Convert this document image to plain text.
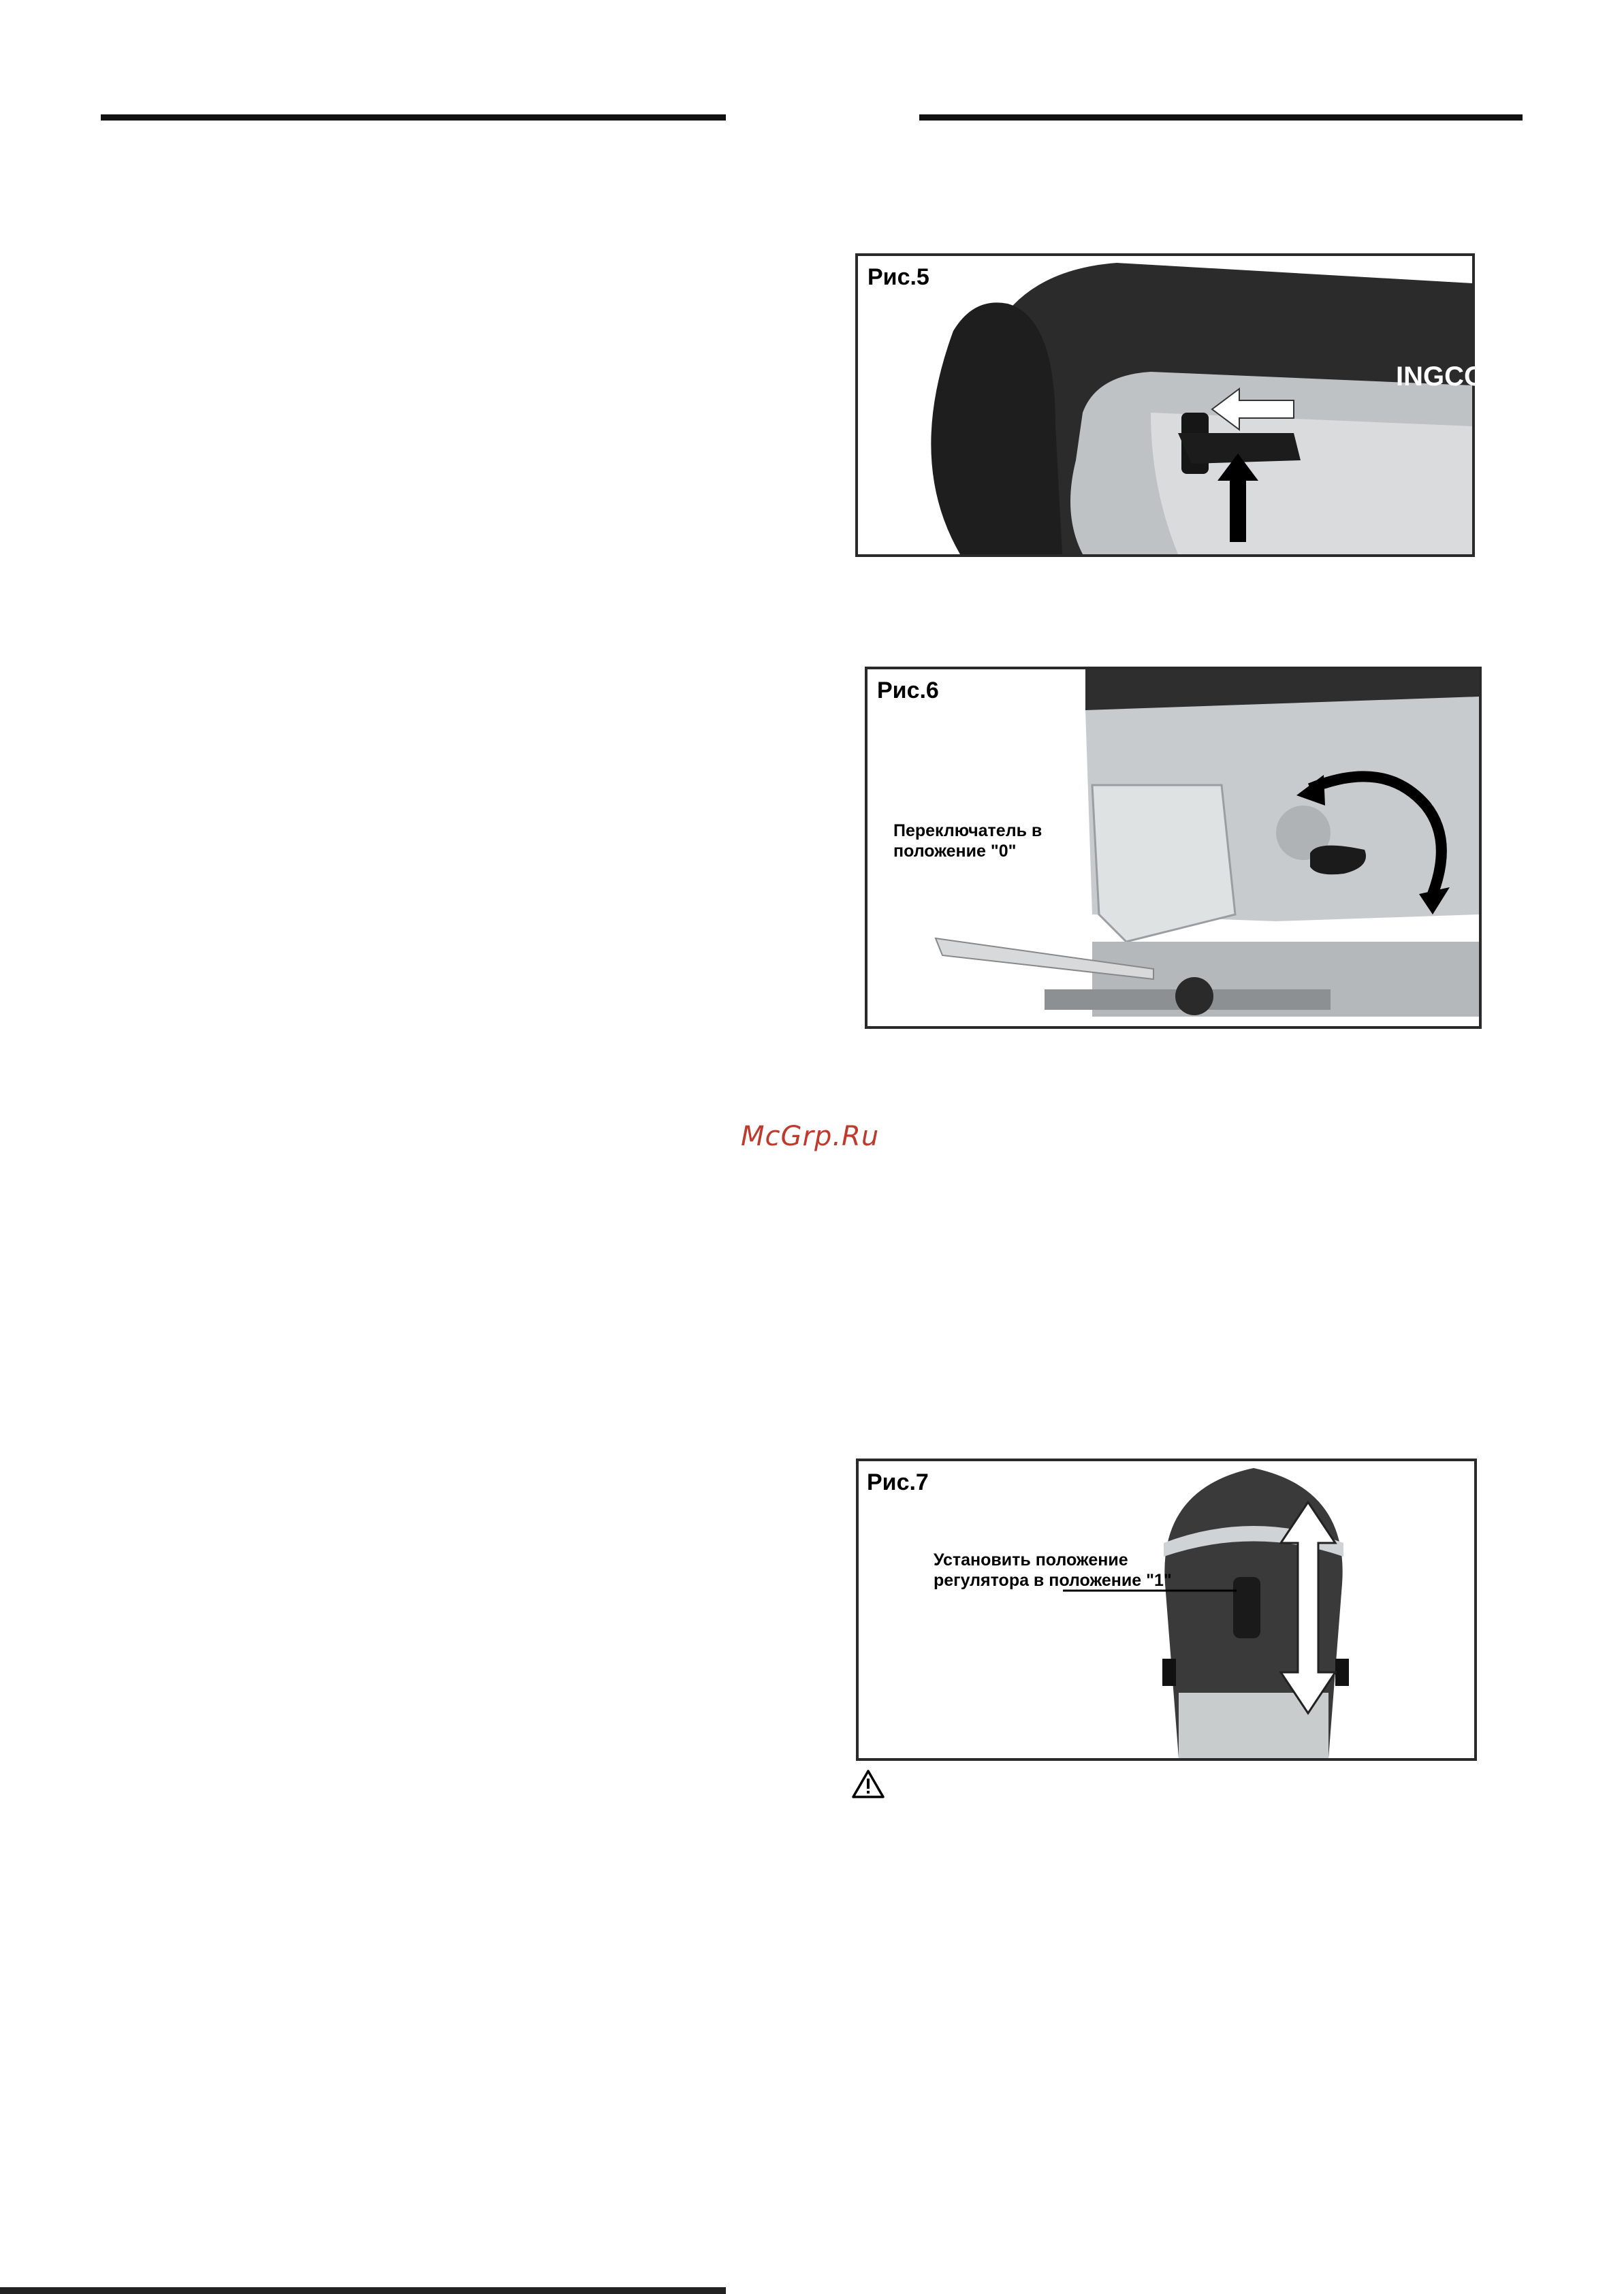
Рис.5
INGCO
Рис.6
Переключатель в
положение "0"
Рис.7
Установить положение
регулятора в положение "1"
McGrp.Ru
